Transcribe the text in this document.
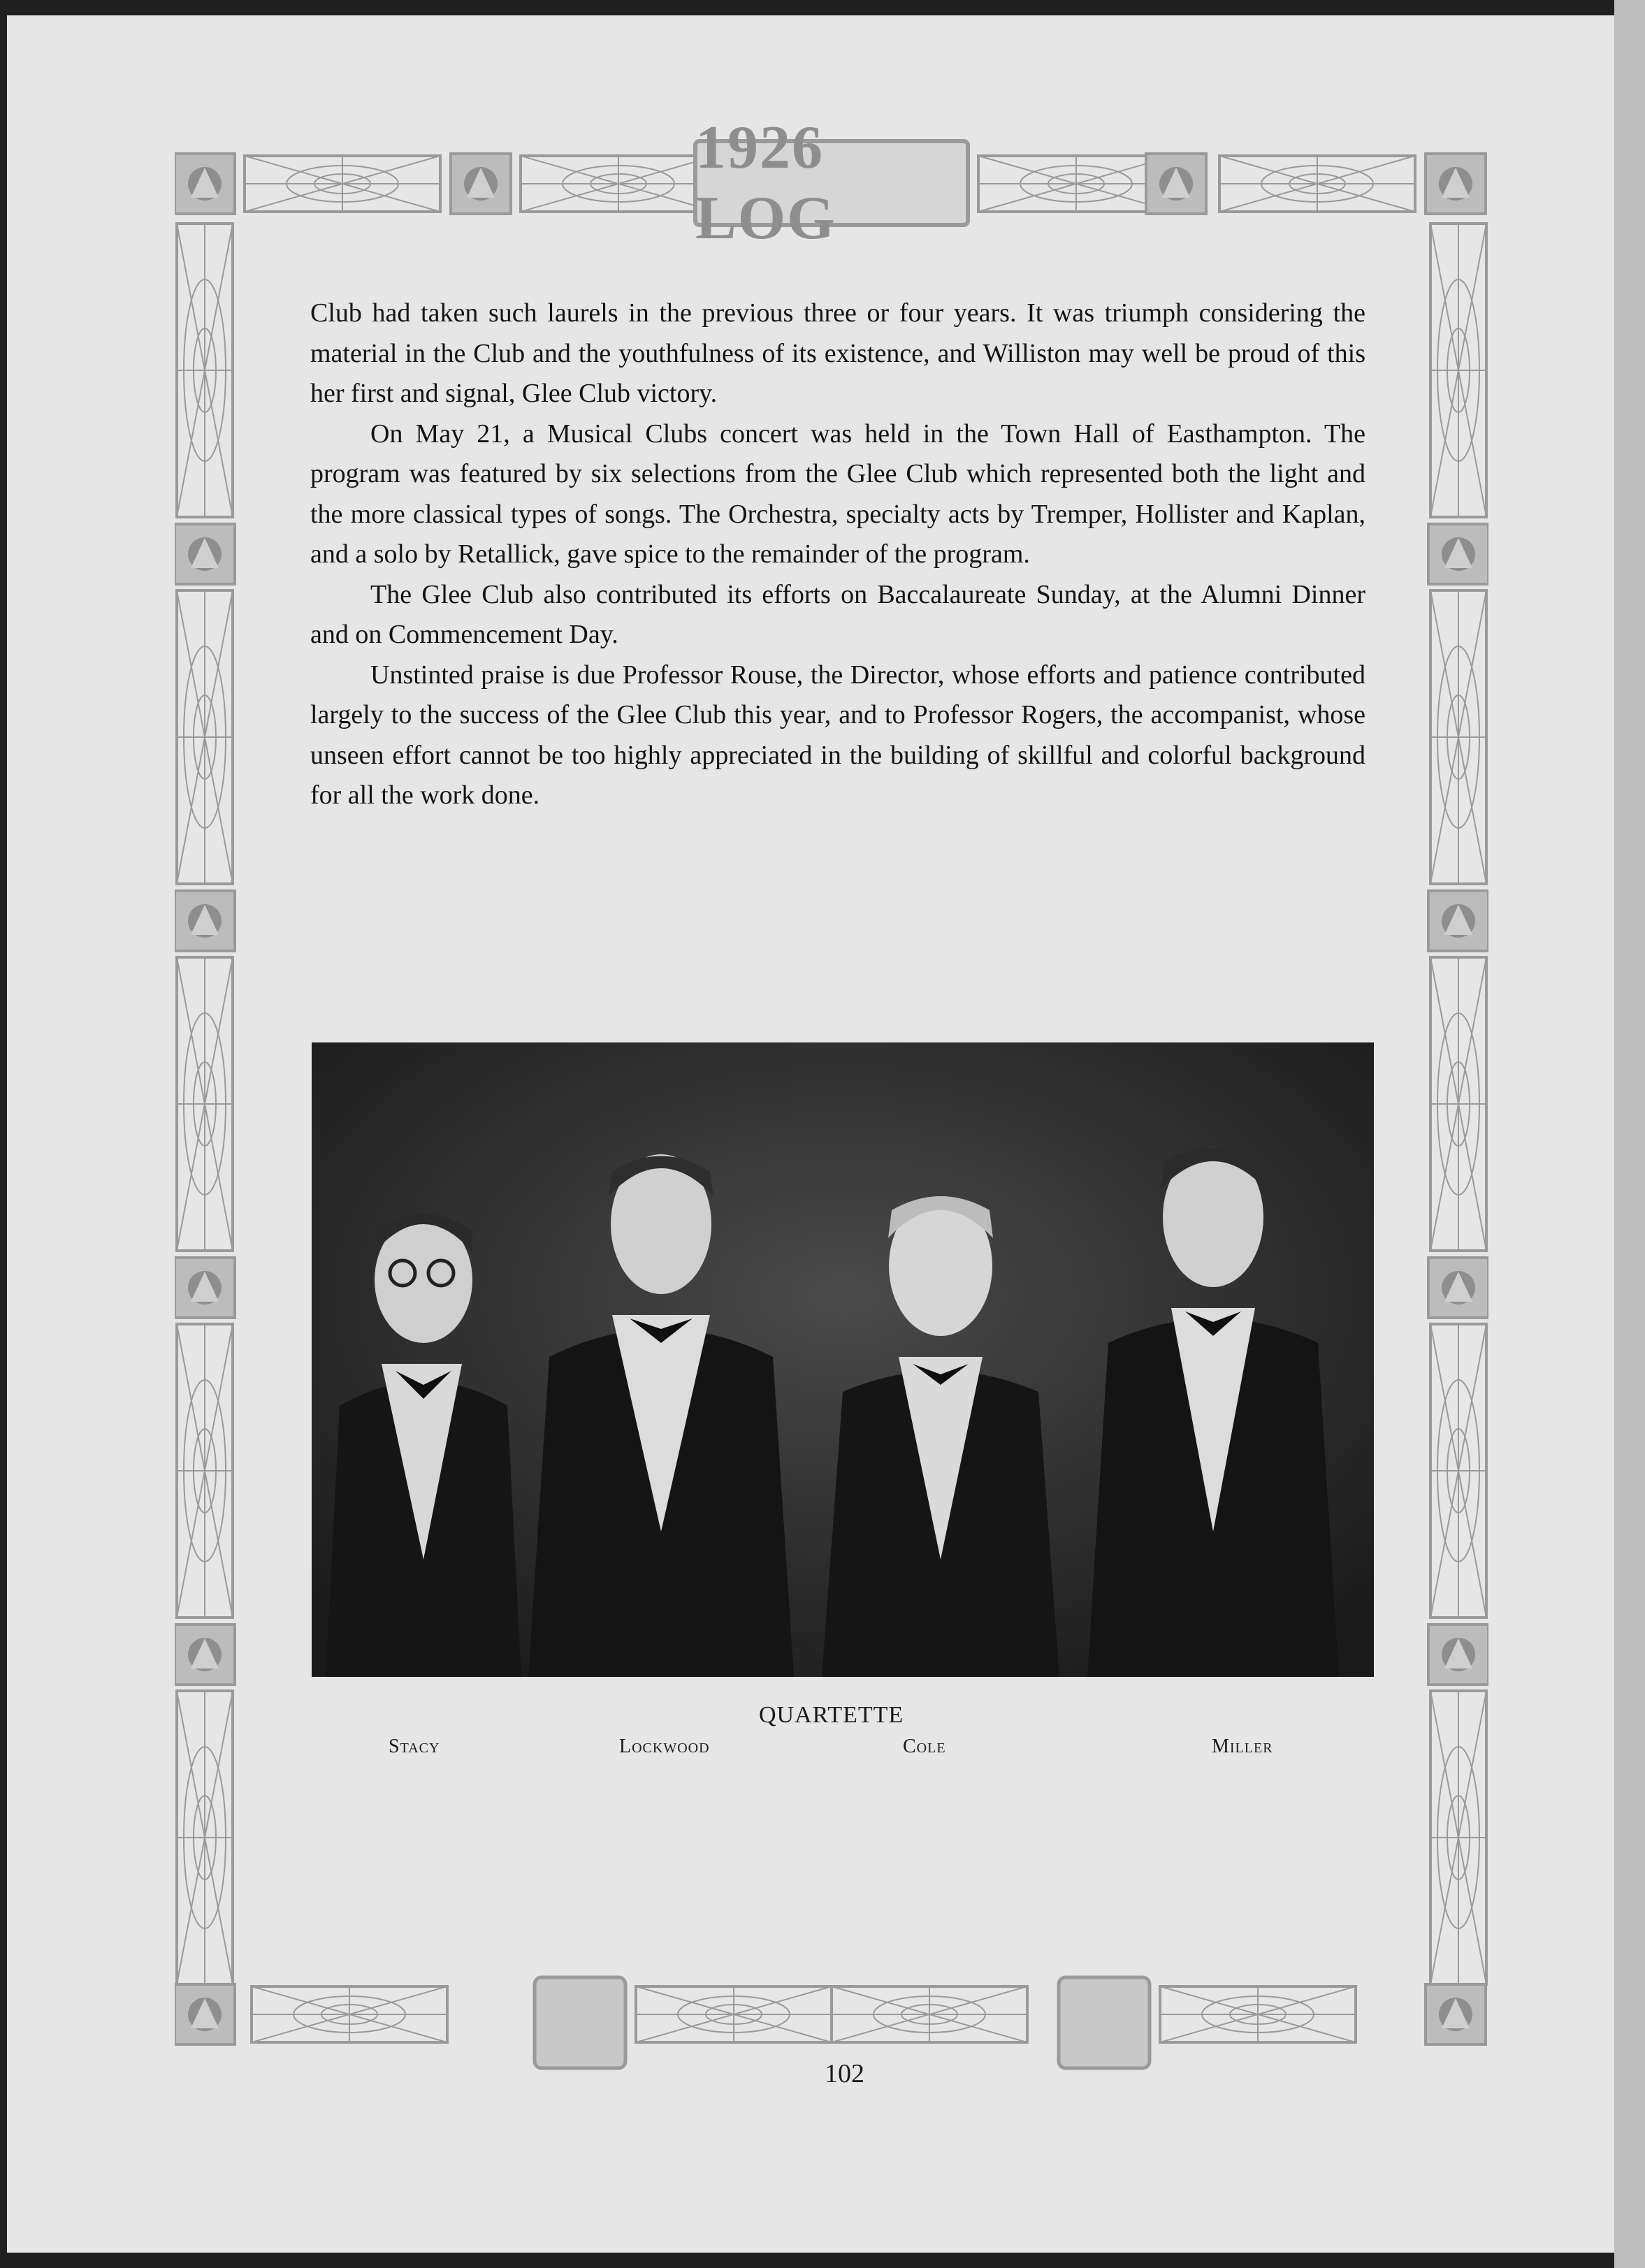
1926 LOG

Club had taken such laurels in the previous three or four years. It was triumph considering the material in the Club and the youthfulness of its existence, and Williston may well be proud of this her first and signal, Glee Club victory.

On May 21, a Musical Clubs concert was held in the Town Hall of Easthampton. The program was featured by six selections from the Glee Club which represented both the light and the more classical types of songs. The Orchestra, specialty acts by Tremper, Hollister and Kaplan, and a solo by Retallick, gave spice to the remainder of the program.

The Glee Club also contributed its efforts on Baccalaureate Sunday, at the Alumni Dinner and on Commencement Day.

Unstinted praise is due Professor Rouse, the Director, whose efforts and patience contributed largely to the success of the Glee Club this year, and to Professor Rogers, the accompanist, whose unseen effort cannot be too highly appreciated in the building of skillful and colorful background for all the work done.

QUARTETTE
Stacy	Lockwood	Cole	Miller
102
